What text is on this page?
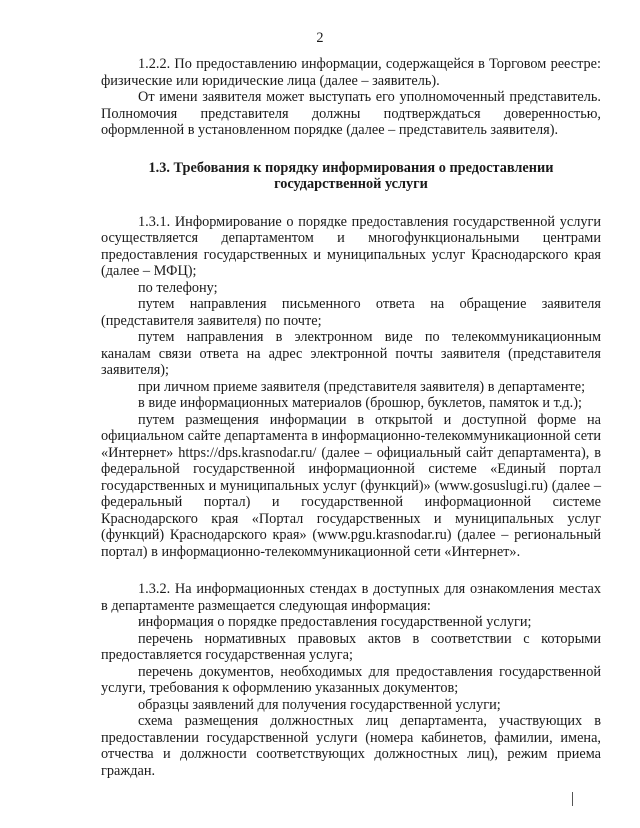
2

1.2.2. По предоставлению информации, содержащейся в Торговом реестре: физические или юридические лица (далее – заявитель).

От имени заявителя может выступать его уполномоченный представитель. Полномочия представителя должны подтверждаться доверенностью, оформленной в установленном порядке (далее – представитель заявителя).

1.3. Требования к порядку информирования о предоставлении государственной услуги

1.3.1. Информирование о порядке предоставления государственной услуги осуществляется департаментом и многофункциональными центрами предоставления государственных и муниципальных услуг Краснодарского края (далее – МФЦ);

по телефону;

путем направления письменного ответа на обращение заявителя (представителя заявителя) по почте;

путем направления в электронном виде по телекоммуникационным каналам связи ответа на адрес электронной почты заявителя (представителя заявителя);

при личном приеме заявителя (представителя заявителя) в департаменте;

в виде информационных материалов (брошюр, буклетов, памяток и т.д.);

путем размещения информации в открытой и доступной форме на официальном сайте департамента в информационно-телекоммуникационной сети «Интернет» https://dps.krasnodar.ru/ (далее – официальный сайт департамента), в федеральной государственной информационной системе «Единый портал государственных и муниципальных услуг (функций)» (www.gosuslugi.ru) (далее – федеральный портал) и государственной информационной системе Краснодарского края «Портал государственных и муниципальных услуг (функций) Краснодарского края» (www.pgu.krasnodar.ru) (далее – региональный портал) в информационно-телекоммуникационной сети «Интернет».

1.3.2. На информационных стендах в доступных для ознакомления местах в департаменте размещается следующая информация:

информация о порядке предоставления государственной услуги;

перечень нормативных правовых актов в соответствии с которыми предоставляется государственная услуга;

перечень документов, необходимых для предоставления государственной услуги, требования к оформлению указанных документов;

образцы заявлений для получения государственной услуги;

схема размещения должностных лиц департамента, участвующих в предоставлении государственной услуги (номера кабинетов, фамилии, имена, отчества и должности соответствующих должностных лиц), режим приема граждан.
